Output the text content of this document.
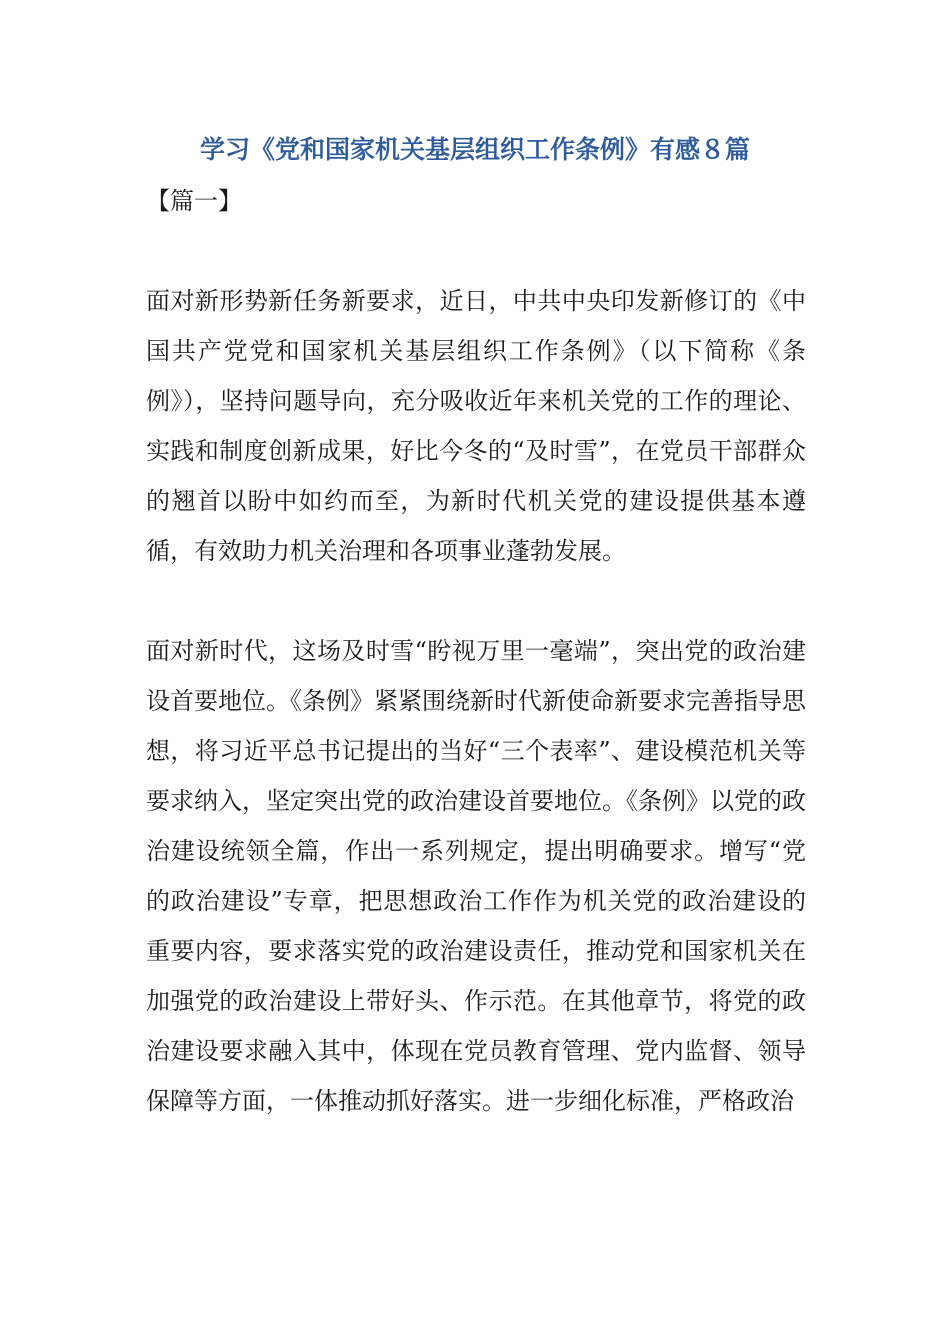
学习《党和国家机关基层组织工作条例》有感８篇

【篇一】

面对新形势新任务新要求，近日，中共中央印发新修订的《中国共产党党和国家机关基层组织工作条例》（以下简称《条例》），坚持问题导向，充分吸收近年来机关党的工作的理论、实践和制度创新成果，好比今冬的“及时雪”，在党员干部群众的翘首以盼中如约而至，为新时代机关党的建设提供基本遵循，有效助力机关治理和各项事业蓬勃发展。

面对新时代，这场及时雪“盻视万里一毫端”，突出党的政治建设首要地位。《条例》紧紧围绕新时代新使命新要求完善指导思想，将习近平总书记提出的当好“三个表率”、建设模范机关等要求纳入，坚定突出党的政治建设首要地位。《条例》以党的政治建设统领全篇，作出一系列规定，提出明确要求。增写“党的政治建设”专章，把思想政治工作作为机关党的政治建设的重要内容，要求落实党的政治建设责任，推动党和国家机关在加强党的政治建设上带好头、作示范。在其他章节，将党的政治建设要求融入其中，体现在党员教育管理、党内监督、领导保障等方面，一体推动抓好落实。进一步细化标准，严格政治
